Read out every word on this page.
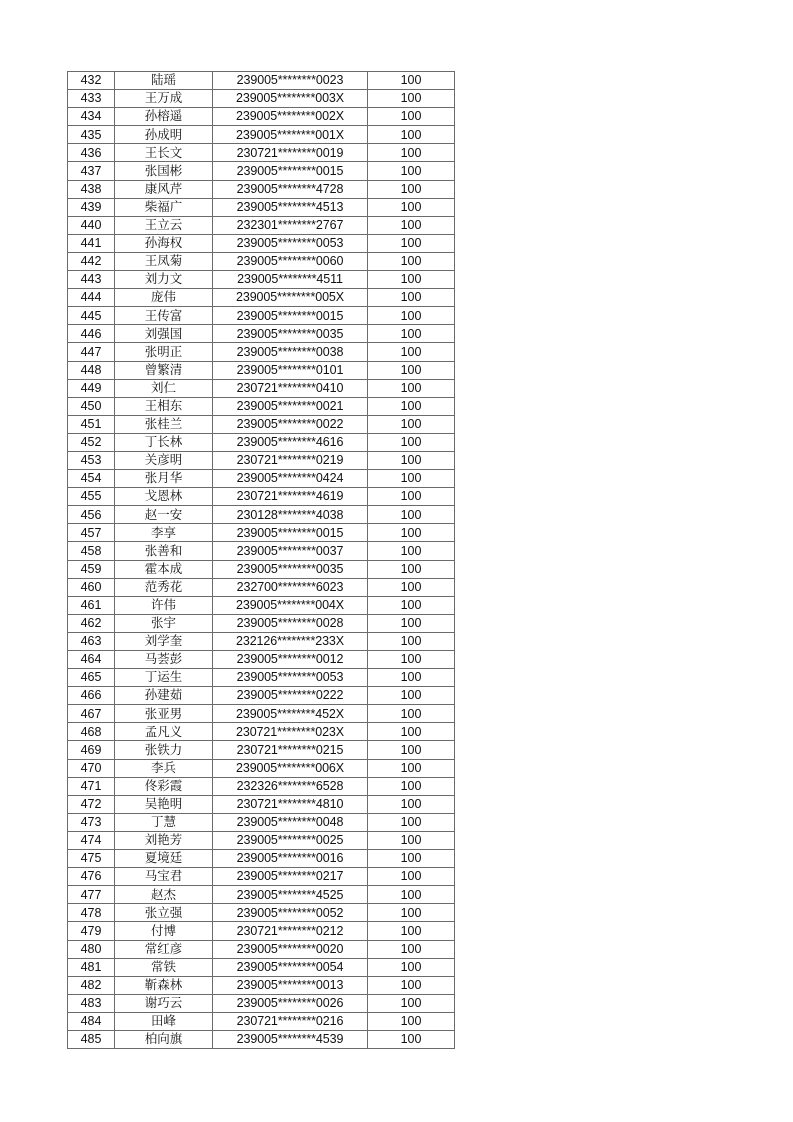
432	陆瑶	239005********0023	100
433	王万成	239005********003X	100
434	孙榕遥	239005********002X	100
435	孙成明	239005********001X	100
436	王长文	230721********0019	100
437	张国彬	239005********0015	100
438	康风芹	239005********4728	100
439	柴福广	239005********4513	100
440	王立云	232301********2767	100
441	孙海权	239005********0053	100
442	王凤菊	239005********0060	100
443	刘力文	239005********4511	100
444	庞伟	239005********005X	100
445	王传富	239005********0015	100
446	刘强国	239005********0035	100
447	张明正	239005********0038	100
448	曾繁清	239005********0101	100
449	刘仁	230721********0410	100
450	王相东	239005********0021	100
451	张桂兰	239005********0022	100
452	丁长林	239005********4616	100
453	关彦明	230721********0219	100
454	张月华	239005********0424	100
455	戈恩林	230721********4619	100
456	赵一安	230128********4038	100
457	李享	239005********0015	100
458	张善和	239005********0037	100
459	霍本成	239005********0035	100
460	范秀花	232700********6023	100
461	许伟	239005********004X	100
462	张宇	239005********0028	100
463	刘学奎	232126********233X	100
464	马荟彭	239005********0012	100
465	丁运生	239005********0053	100
466	孙建茹	239005********0222	100
467	张亚男	239005********452X	100
468	孟凡义	230721********023X	100
469	张铁力	230721********0215	100
470	李兵	239005********006X	100
471	佟彩霞	232326********6528	100
472	吴艳明	230721********4810	100
473	丁慧	239005********0048	100
474	刘艳芳	239005********0025	100
475	夏境廷	239005********0016	100
476	马宝君	239005********0217	100
477	赵杰	239005********4525	100
478	张立强	239005********0052	100
479	付博	230721********0212	100
480	常红彦	239005********0020	100
481	常铁	239005********0054	100
482	靳森林	239005********0013	100
483	谢巧云	239005********0026	100
484	田峰	230721********0216	100
485	柏向旗	239005********4539	100
